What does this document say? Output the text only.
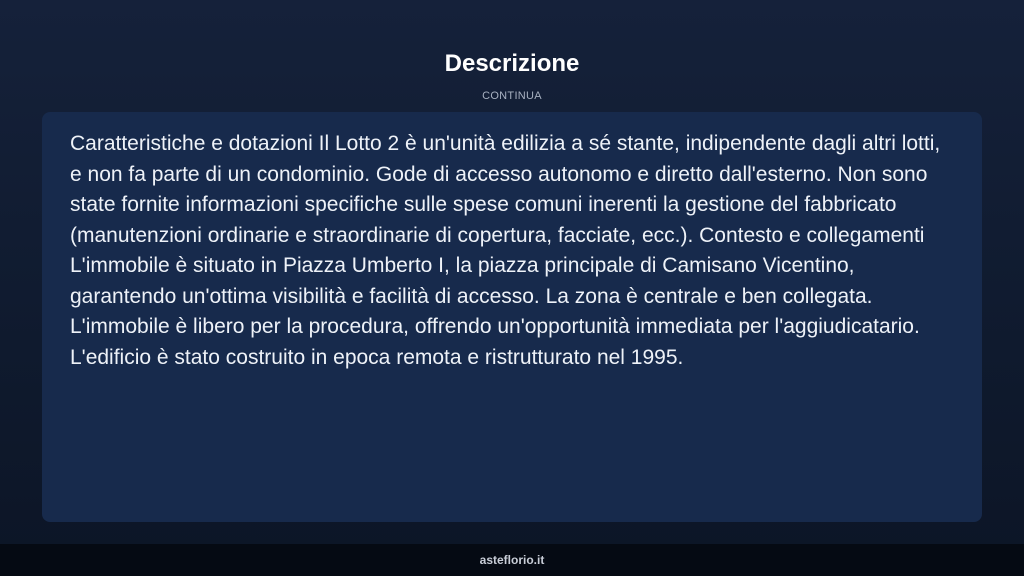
Descrizione
CONTINUA

Caratteristiche e dotazioni Il Lotto 2 è un'unità edilizia a sé stante, indipendente dagli altri lotti, e non fa parte di un condominio. Gode di accesso autonomo e diretto dall'esterno. Non sono state fornite informazioni specifiche sulle spese comuni inerenti la gestione del fabbricato (manutenzioni ordinarie e straordinarie di copertura, facciate, ecc.). Contesto e collegamenti L'immobile è situato in Piazza Umberto I, la piazza principale di Camisano Vicentino, garantendo un'ottima visibilità e facilità di accesso. La zona è centrale e ben collegata. L'immobile è libero per la procedura, offrendo un'opportunità immediata per l'aggiudicatario. L'edificio è stato costruito in epoca remota e ristrutturato nel 1995.

asteflorio.it
